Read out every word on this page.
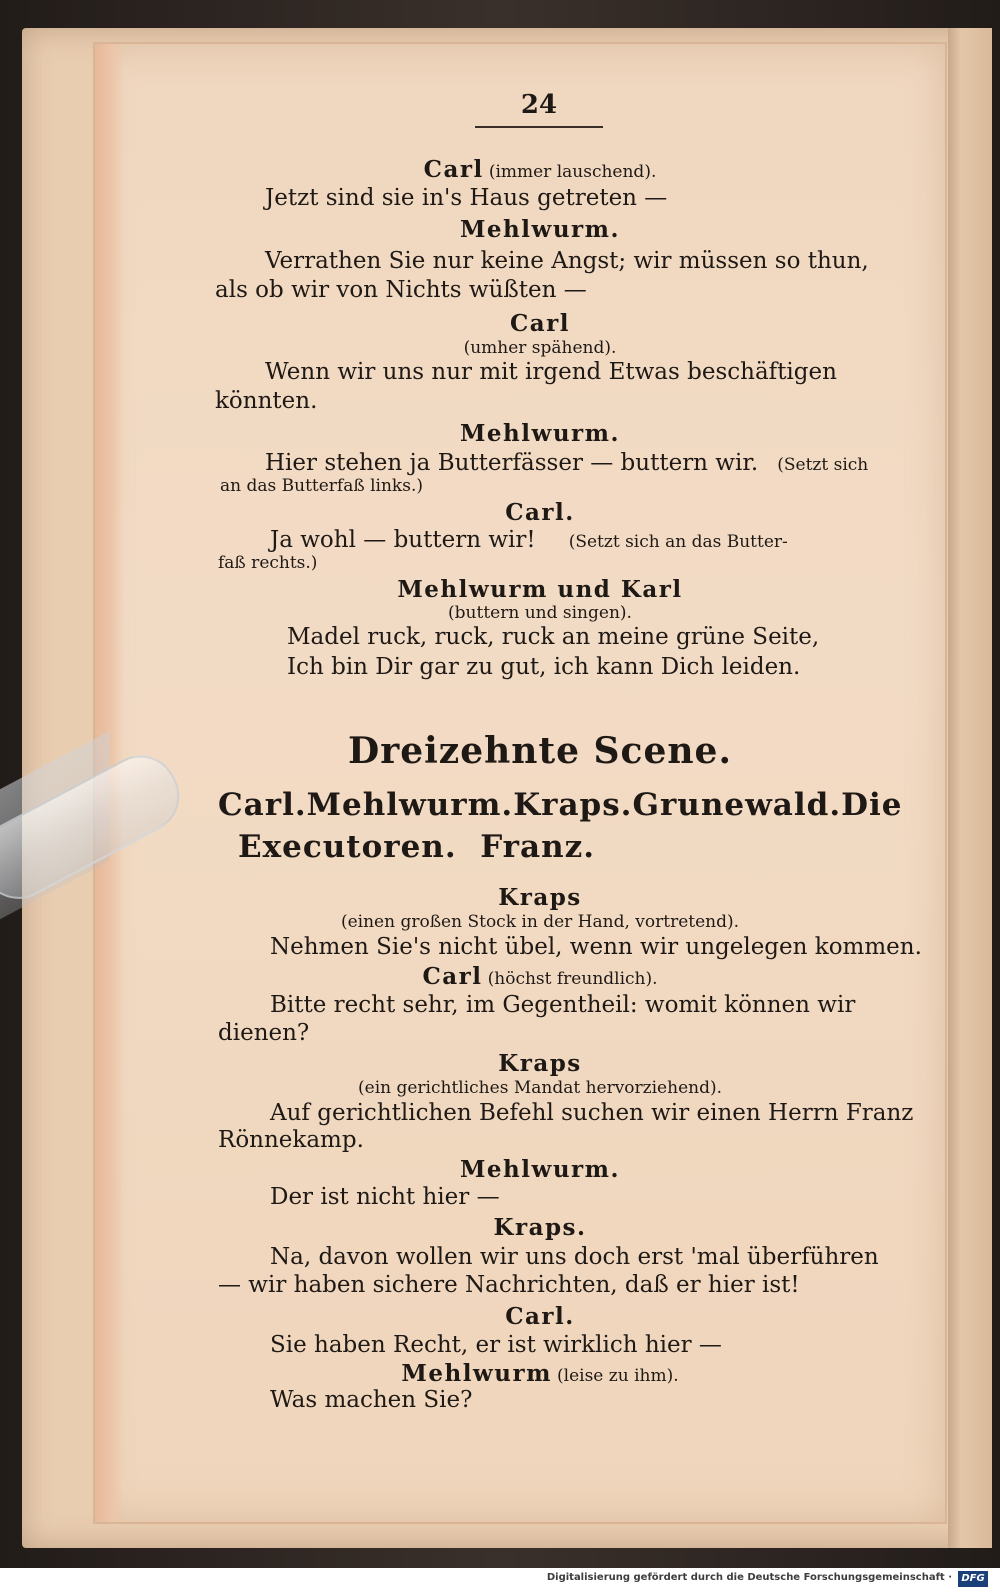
24
Carl (immer lauschend).
Jetzt sind sie in's Haus getreten —
Mehlwurm.
Verrathen Sie nur keine Angst; wir müssen so thun,
als ob wir von Nichts wüßten —
Carl
(umher spähend).
Wenn wir uns nur mit irgend Etwas beschäftigen
könnten.
Mehlwurm.
Hier stehen ja Butterfässer — buttern wir. (Setzt sich
an das Butterfaß links.)
Carl.
Ja wohl — buttern wir! (Setzt sich an das Butter-
faß rechts.)
Mehlwurm und Karl
(buttern und singen).
Madel ruck, ruck, ruck an meine grüne Seite,
Ich bin Dir gar zu gut, ich kann Dich leiden.
Dreizehnte Scene.
Carl. Mehlwurm. Kraps. Grunewald. Die
Executoren.  Franz.
Kraps
(einen großen Stock in der Hand, vortretend).
Nehmen Sie's nicht übel, wenn wir ungelegen kommen.
Carl (höchst freundlich).
Bitte recht sehr, im Gegentheil: womit können wir
dienen?
Kraps
(ein gerichtliches Mandat hervorziehend).
Auf gerichtlichen Befehl suchen wir einen Herrn Franz
Rönnekamp.
Mehlwurm.
Der ist nicht hier —
Kraps.
Na, davon wollen wir uns doch erst 'mal überführen
— wir haben sichere Nachrichten, daß er hier ist!
Carl.
Sie haben Recht, er ist wirklich hier —
Mehlwurm (leise zu ihm).
Was machen Sie?
Digitalisierung gefördert durch die Deutsche Forschungsgemeinschaft · DFG
